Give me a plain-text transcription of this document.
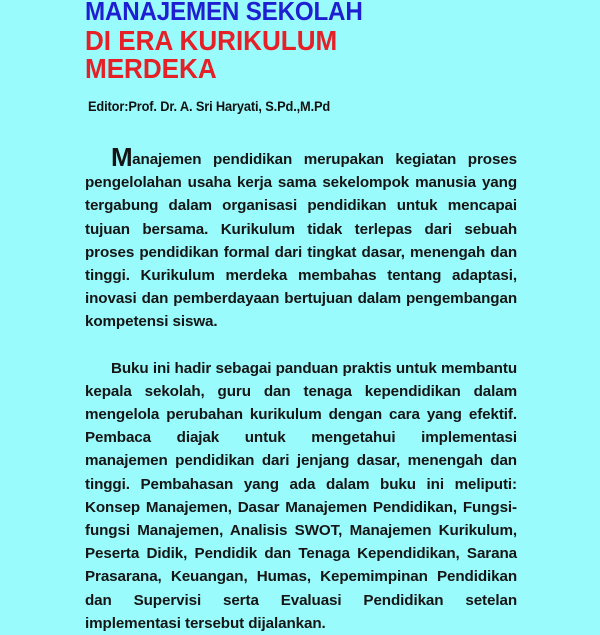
MANAJEMEN SEKOLAH
DI ERA KURIKULUM
MERDEKA
Editor:Prof. Dr. A. Sri Haryati, S.Pd.,M.Pd

Manajemen pendidikan merupakan kegiatan proses pengelolahan usaha kerja sama sekelompok manusia yang tergabung dalam organisasi pendidikan untuk mencapai tujuan bersama. Kurikulum tidak terlepas dari sebuah proses pendidikan formal dari tingkat dasar, menengah dan tinggi. Kurikulum merdeka membahas tentang adaptasi, inovasi dan pemberdayaan bertujuan dalam pengembangan kompetensi siswa.

Buku ini hadir sebagai panduan praktis untuk membantu kepala sekolah, guru dan tenaga kependidikan dalam mengelola perubahan kurikulum dengan cara yang efektif. Pembaca diajak untuk mengetahui implementasi manajemen pendidikan dari jenjang dasar, menengah dan tinggi. Pembahasan yang ada dalam buku ini meliputi: Konsep Manajemen, Dasar Manajemen Pendidikan, Fungsi-fungsi Manajemen, Analisis SWOT, Manajemen Kurikulum, Peserta Didik, Pendidik dan Tenaga Kependidikan, Sarana Prasarana, Keuangan, Humas, Kepemimpinan Pendidikan dan Supervisi serta Evaluasi Pendidikan setelan implementasi tersebut dijalankan.
